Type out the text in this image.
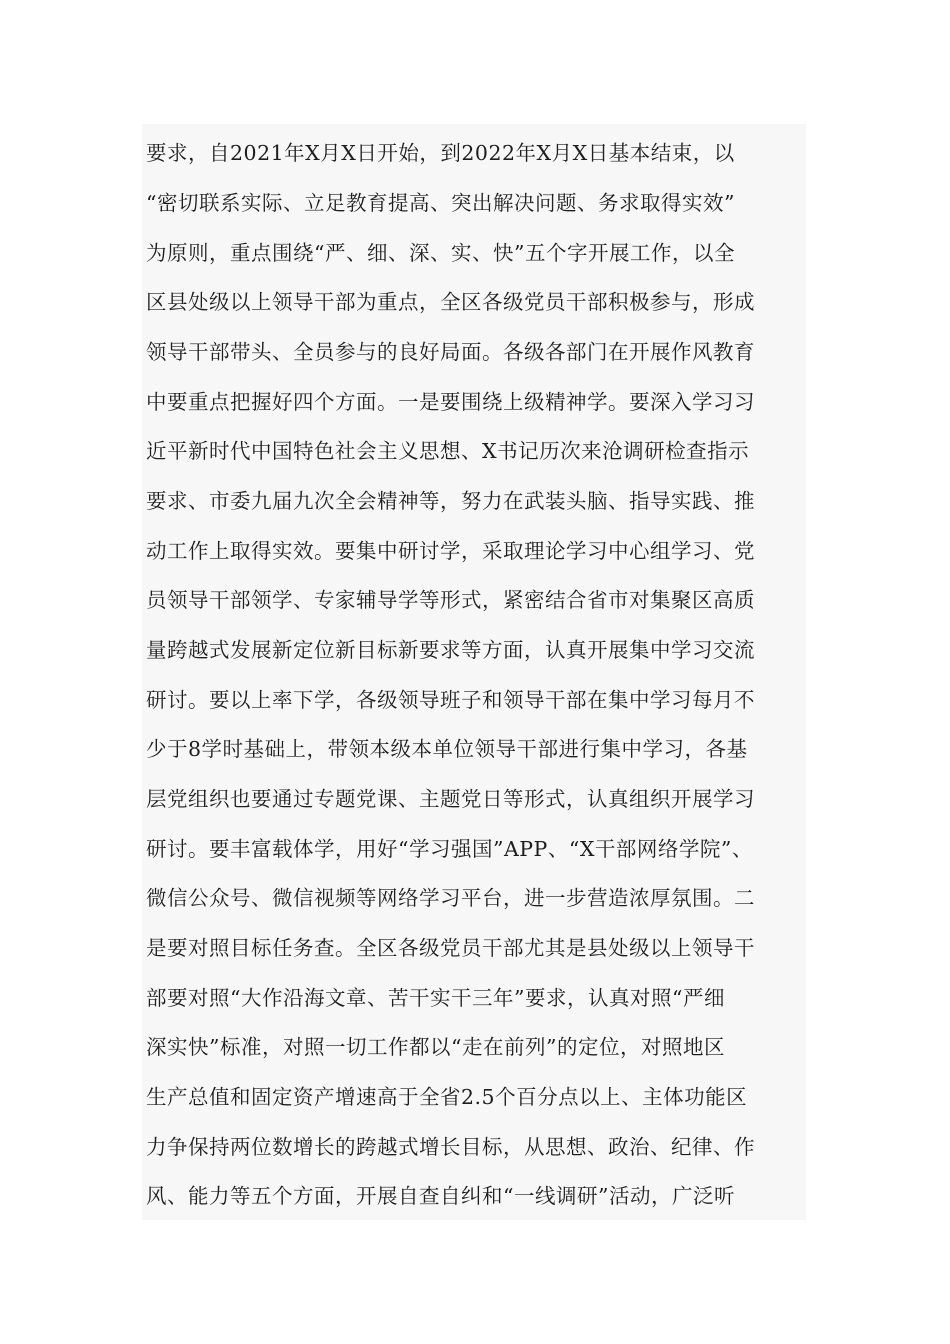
要求，自2021年X月X日开始，到2022年X月X日基本结束，以
“密切联系实际、立足教育提高、突出解决问题、务求取得实效”
为原则，重点围绕“严、细、深、实、快”五个字开展工作，以全
区县处级以上领导干部为重点，全区各级党员干部积极参与，形成
领导干部带头、全员参与的良好局面。各级各部门在开展作风教育
中要重点把握好四个方面。一是要围绕上级精神学。要深入学习习
近平新时代中国特色社会主义思想、X书记历次来沧调研检查指示
要求、市委九届九次全会精神等，努力在武装头脑、指导实践、推
动工作上取得实效。要集中研讨学，采取理论学习中心组学习、党
员领导干部领学、专家辅导学等形式，紧密结合省市对集聚区高质
量跨越式发展新定位新目标新要求等方面，认真开展集中学习交流
研讨。要以上率下学，各级领导班子和领导干部在集中学习每月不
少于8学时基础上，带领本级本单位领导干部进行集中学习，各基
层党组织也要通过专题党课、主题党日等形式，认真组织开展学习
研讨。要丰富载体学，用好“学习强国”APP、“X干部网络学院”、
微信公众号、微信视频等网络学习平台，进一步营造浓厚氛围。二
是要对照目标任务查。全区各级党员干部尤其是县处级以上领导干
部要对照“大作沿海文章、苦干实干三年”要求，认真对照“严细
深实快”标准，对照一切工作都以“走在前列”的定位，对照地区
生产总值和固定资产增速高于全省2.5个百分点以上、主体功能区
力争保持两位数增长的跨越式增长目标，从思想、政治、纪律、作
风、能力等五个方面，开展自查自纠和“一线调研”活动，广泛听
